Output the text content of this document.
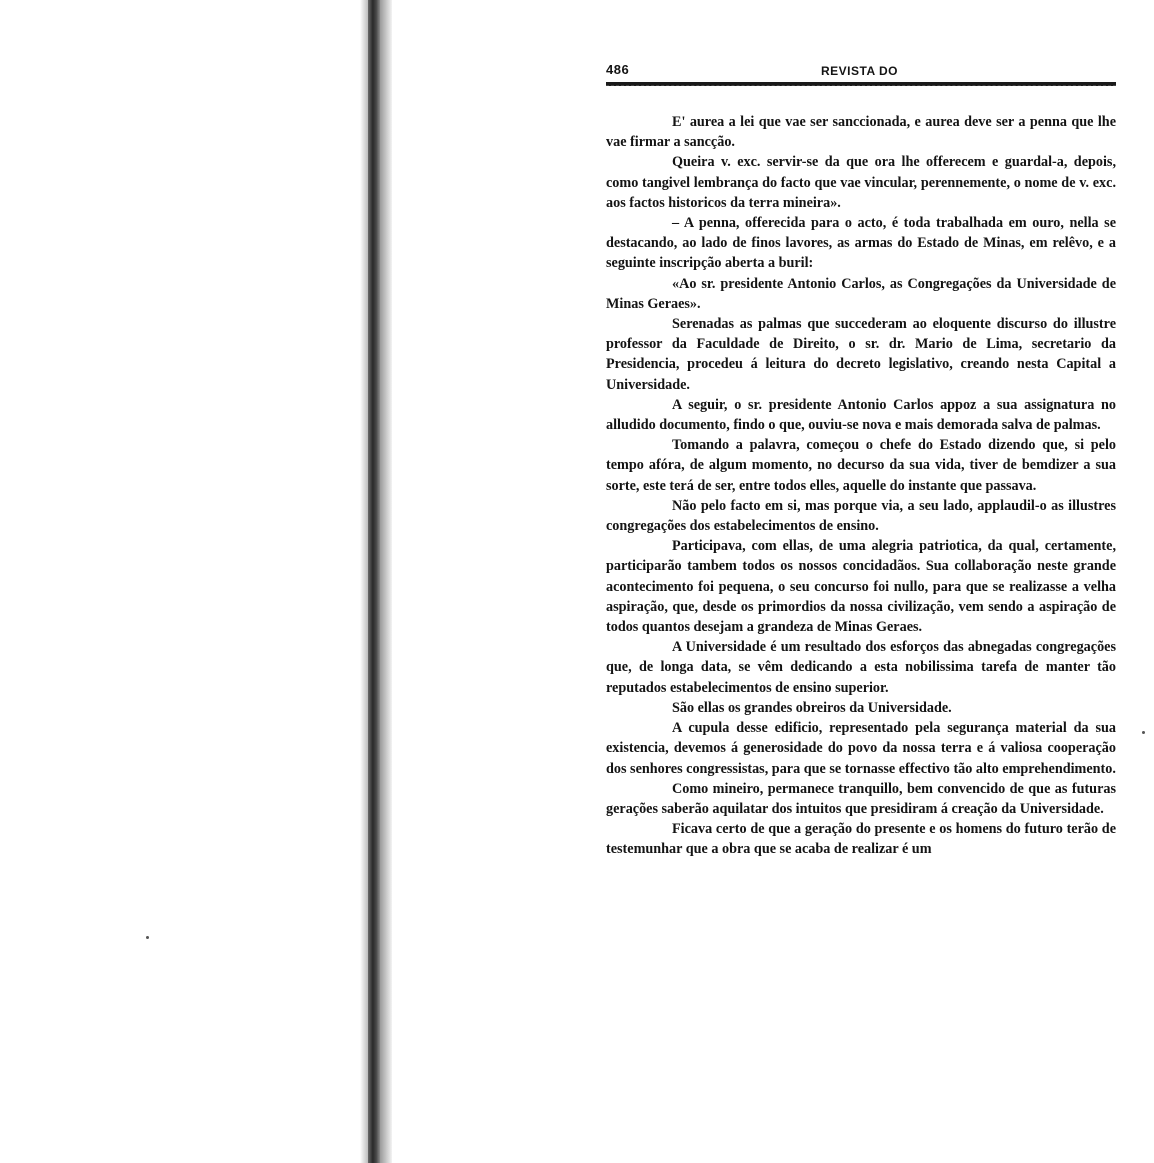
486	REVISTA DO

E' aurea a lei que vae ser sanccionada, e aurea deve ser a penna que lhe vae firmar a sancção.

Queira v. exc. servir-se da que ora lhe offerecem e guardal-a, depois, como tangivel lembrança do facto que vae vincular, perennemente, o nome de v. exc. aos factos historicos da terra mineira».

– A penna, offerecida para o acto, é toda trabalhada em ouro, nella se destacando, ao lado de finos lavores, as armas do Estado de Minas, em relêvo, e a seguinte inscripção aberta a buril:

«Ao sr. presidente Antonio Carlos, as Congregações da Universidade de Minas Geraes».

Serenadas as palmas que succederam ao eloquente discurso do illustre professor da Faculdade de Direito, o sr. dr. Mario de Lima, secretario da Presidencia, procedeu á leitura do decreto legislativo, creando nesta Capital a Universidade.

A seguir, o sr. presidente Antonio Carlos appoz a sua assignatura no alludido documento, findo o que, ouviu-se nova e mais demorada salva de palmas.

Tomando a palavra, começou o chefe do Estado dizendo que, si pelo tempo afóra, de algum momento, no decurso da sua vida, tiver de bemdizer a sua sorte, este terá de ser, entre todos elles, aquelle do instante que passava.

Não pelo facto em si, mas porque via, a seu lado, applaudil-o as illustres congregações dos estabelecimentos de ensino.

Participava, com ellas, de uma alegria patriotica, da qual, certamente, participarão tambem todos os nossos concidadãos. Sua collaboração neste grande acontecimento foi pequena, o seu concurso foi nullo, para que se realizasse a velha aspiração, que, desde os primordios da nossa civilização, vem sendo a aspiração de todos quantos desejam a grandeza de Minas Geraes.

A Universidade é um resultado dos esforços das abnegadas congregações que, de longa data, se vêm dedicando a esta nobilissima tarefa de manter tão reputados estabelecimentos de ensino superior.

São ellas os grandes obreiros da Universidade.

A cupula desse edificio, representado pela segurança material da sua existencia, devemos á generosidade do povo da nossa terra e á valiosa cooperação dos senhores congressistas, para que se tornasse effectivo tão alto emprehendimento.

Como mineiro, permanece tranquillo, bem convencido de que as futuras gerações saberão aquilatar dos intuitos que presidiram á creação da Universidade.

Ficava certo de que a geração do presente e os homens do futuro terão de testemunhar que a obra que se acaba de realizar é um
